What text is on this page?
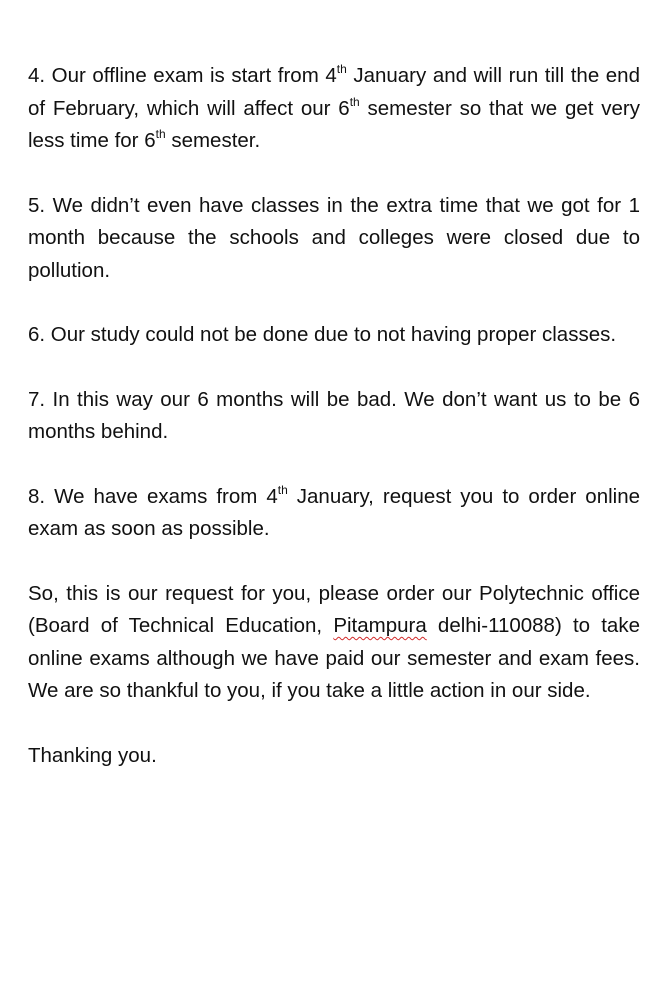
4. Our offline exam is start from 4th January and will run till the end of February, which will affect our 6th semester so that we get very less time for 6th semester.

5. We didn’t even have classes in the extra time that we got for 1 month because the schools and colleges were closed due to pollution.

6. Our study could not be done due to not having proper classes.

7. In this way our 6 months will be bad. We don’t want us to be 6 months behind.

8. We have exams from 4th January, request you to order online exam as soon as possible.

So, this is our request for you, please order our Polytechnic office (Board of Technical Education, Pitampura delhi-110088) to take online exams although we have paid our semester and exam fees. We are so thankful to you, if you take a little action in our side.

Thanking you.
